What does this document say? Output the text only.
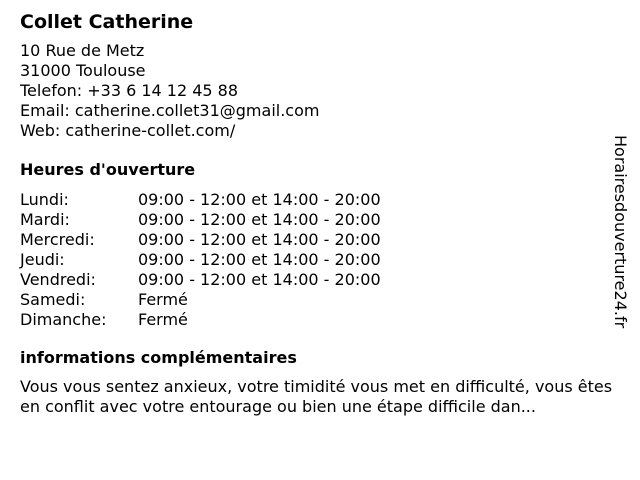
Collet Catherine
10 Rue de Metz
31000 Toulouse
Telefon: +33 6 14 12 45 88
Email: catherine.collet31@gmail.com
Web: catherine-collet.com/
Heures d'ouverture
Lundi:	09:00 - 12:00 et 14:00 - 20:00
Mardi:	09:00 - 12:00 et 14:00 - 20:00
Mercredi:	09:00 - 12:00 et 14:00 - 20:00
Jeudi:	09:00 - 12:00 et 14:00 - 20:00
Vendredi:	09:00 - 12:00 et 14:00 - 20:00
Samedi:	Fermé
Dimanche:	Fermé
informations complémentaires
Vous vous sentez anxieux, votre timidité vous met en difficulté, vous êtes en conflit avec votre entourage ou bien une étape difficile dan...
Horairesdouverture24.fr
